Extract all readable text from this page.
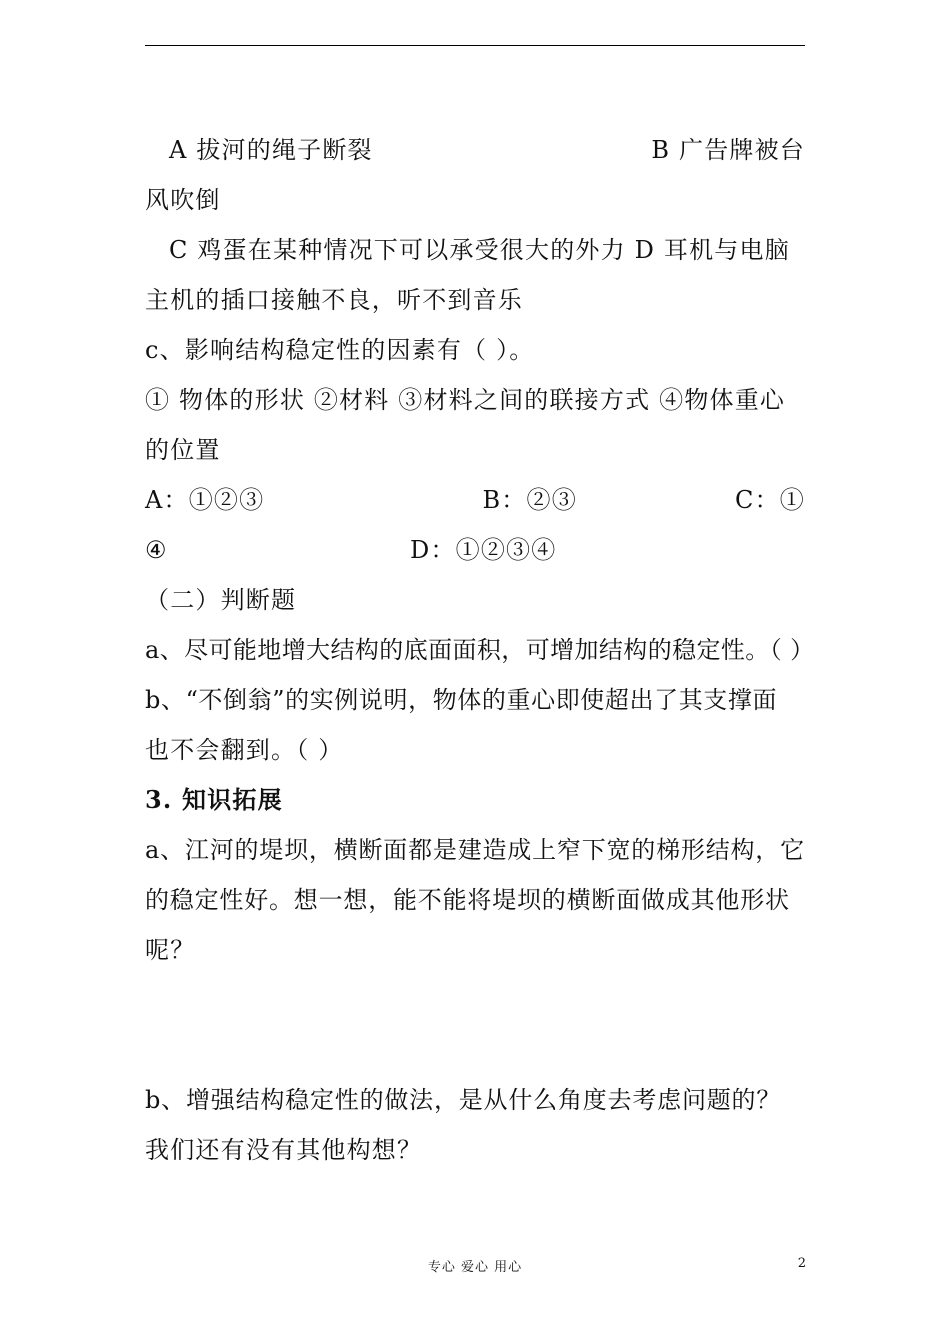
A 拔河的绳子断裂	B 广告牌被台
风吹倒
C 鸡蛋在某种情况下可以承受很大的外力 D 耳机与电脑
主机的插口接触不良，听不到音乐
c、影响结构稳定性的因素有（ ）。
① 物体的形状 ②材料 ③材料之间的联接方式 ④物体重心
的位置
A：①②③	B：②③	C：①
④	D：①②③④
（二）判断题
a、尽可能地增大结构的底面面积，可增加结构的稳定性。（ ）
b、“不倒翁”的实例说明，物体的重心即使超出了其支撑面
也不会翻到。（ ）
3. 知识拓展
a、江河的堤坝，横断面都是建造成上窄下宽的梯形结构，它
的稳定性好。想一想，能不能将堤坝的横断面做成其他形状
呢？
b、增强结构稳定性的做法，是从什么角度去考虑问题的？
我们还有没有其他构想？
专心 爱心 用心	2
